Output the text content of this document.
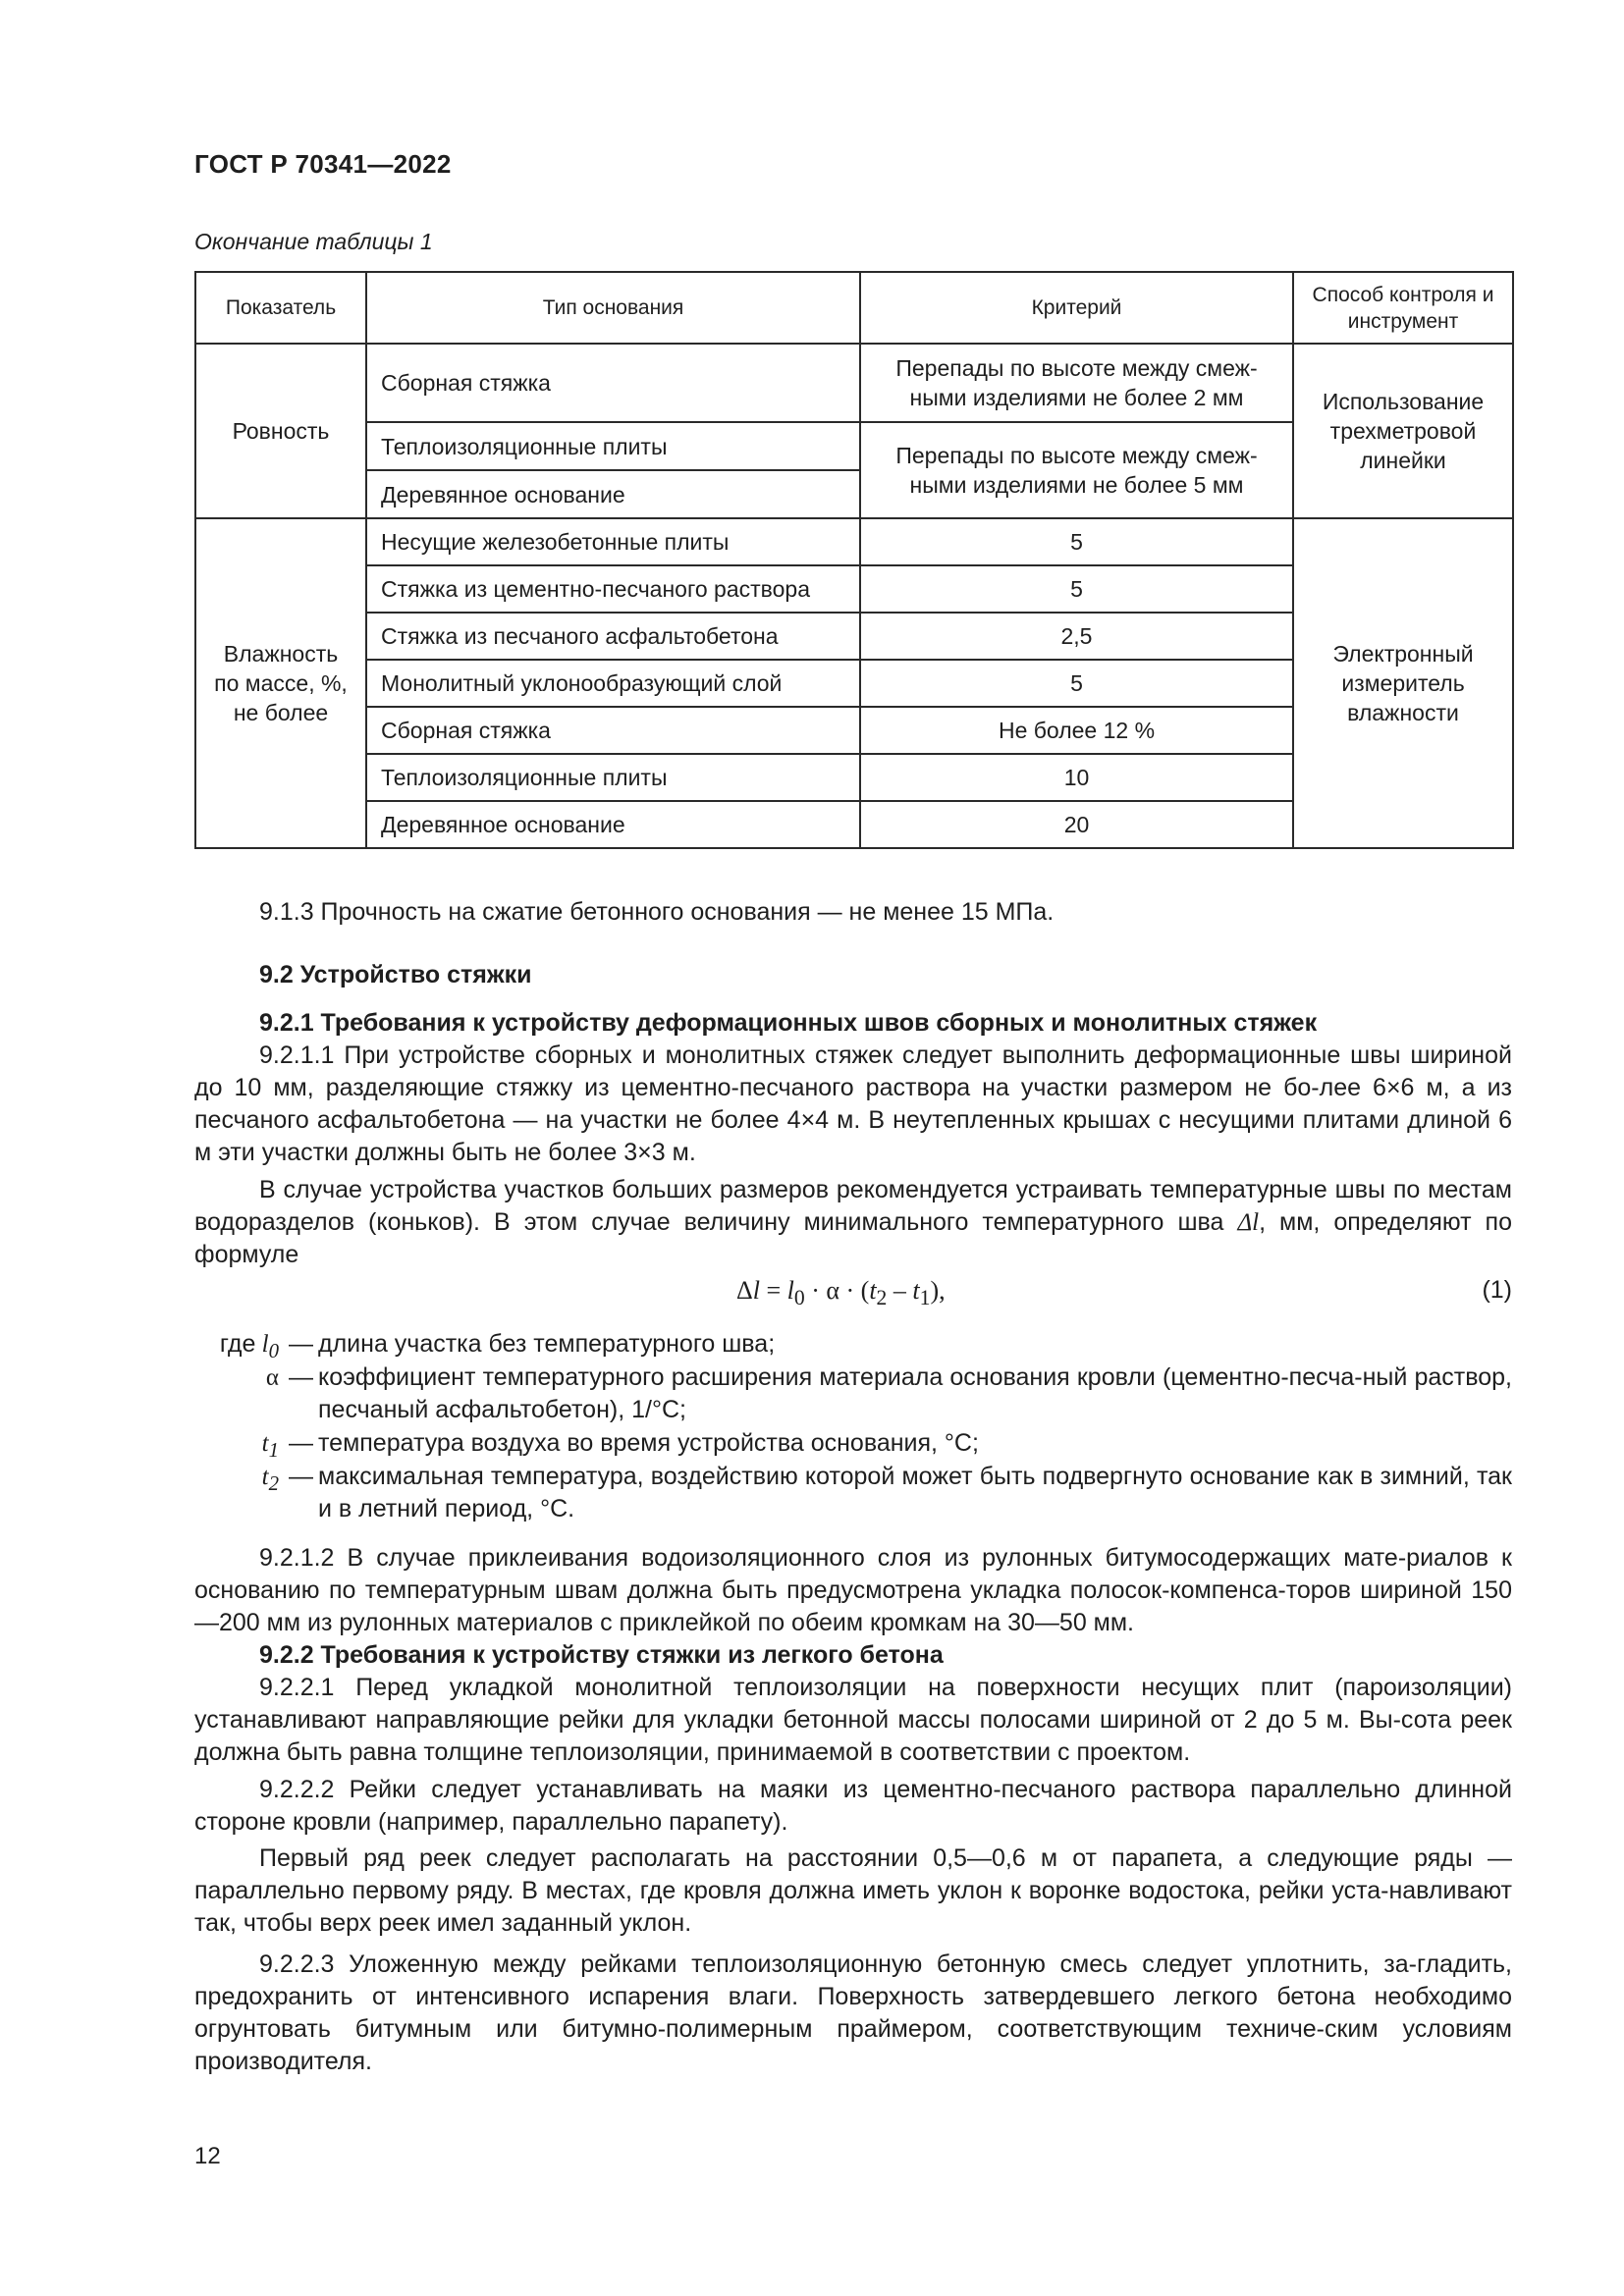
ГОСТ Р 70341—2022
Окончание таблицы 1
Показатель	Тип основания	Критерий	Способ контроля и инструмент
Ровность	Сборная стяжка	Перепады по высоте между смеж-ными изделиями не более 2 мм	Использование трехметровой линейки
	Теплоизоляционные плиты	Перепады по высоте между смеж-ными изделиями не более 5 мм	
	Деревянное основание		
Влажность по массе, %, не более	Несущие железобетонные плиты	5	Электронный измеритель влажности
	Стяжка из цементно-песчаного раствора	5	
	Стяжка из песчаного асфальтобетона	2,5	
	Монолитный уклонообразующий слой	5	
	Сборная стяжка	Не более 12 %	
	Теплоизоляционные плиты	10	
	Деревянное основание	20	

9.1.3 Прочность на сжатие бетонного основания — не менее 15 МПа.

9.2 Устройство стяжки

9.2.1 Требования к устройству деформационных швов сборных и монолитных стяжек

9.2.1.1 При устройстве сборных и монолитных стяжек следует выполнить деформационные швы шириной до 10 мм, разделяющие стяжку из цементно-песчаного раствора на участки размером не бо-лее 6×6 м, а из песчаного асфальтобетона — на участки не более 4×4 м. В неутепленных крышах с несущими плитами длиной 6 м эти участки должны быть не более 3×3 м.

В случае устройства участков больших размеров рекомендуется устраивать температурные швы по местам водоразделов (коньков). В этом случае величину минимального температурного шва Δl, мм, определяют по формуле

$\Delta l = l_0 \cdot \alpha \cdot (t_2 - t_1)$,	(1)
где $l_0$ — длина участка без температурного шва;
α — коэффициент температурного расширения материала основания кровли (цементно-песча-ный раствор, песчаный асфальтобетон), 1/°С;
$t_1$ — температура воздуха во время устройства основания, °С;
$t_2$ — максимальная температура, воздействию которой может быть подвергнуто основание как в зимний, так и в летний период, °С.

9.2.1.2 В случае приклеивания водоизоляционного слоя из рулонных битумосодержащих мате-риалов к основанию по температурным швам должна быть предусмотрена укладка полосок-компенса-торов шириной 150—200 мм из рулонных материалов с приклейкой по обеим кромкам на 30—50 мм.

9.2.2 Требования к устройству стяжки из легкого бетона

9.2.2.1 Перед укладкой монолитной теплоизоляции на поверхности несущих плит (пароизоляции) устанавливают направляющие рейки для укладки бетонной массы полосами шириной от 2 до 5 м. Вы-сота реек должна быть равна толщине теплоизоляции, принимаемой в соответствии с проектом.

9.2.2.2 Рейки следует устанавливать на маяки из цементно-песчаного раствора параллельно длинной стороне кровли (например, параллельно парапету).

Первый ряд реек следует располагать на расстоянии 0,5—0,6 м от парапета, а следующие ряды — параллельно первому ряду. В местах, где кровля должна иметь уклон к воронке водостока, рейки уста-навливают так, чтобы верх реек имел заданный уклон.

9.2.2.3 Уложенную между рейками теплоизоляционную бетонную смесь следует уплотнить, за-гладить, предохранить от интенсивного испарения влаги. Поверхность затвердевшего легкого бетона необходимо огрунтовать битумным или битумно-полимерным праймером, соответствующим техниче-ским условиям производителя.

12
